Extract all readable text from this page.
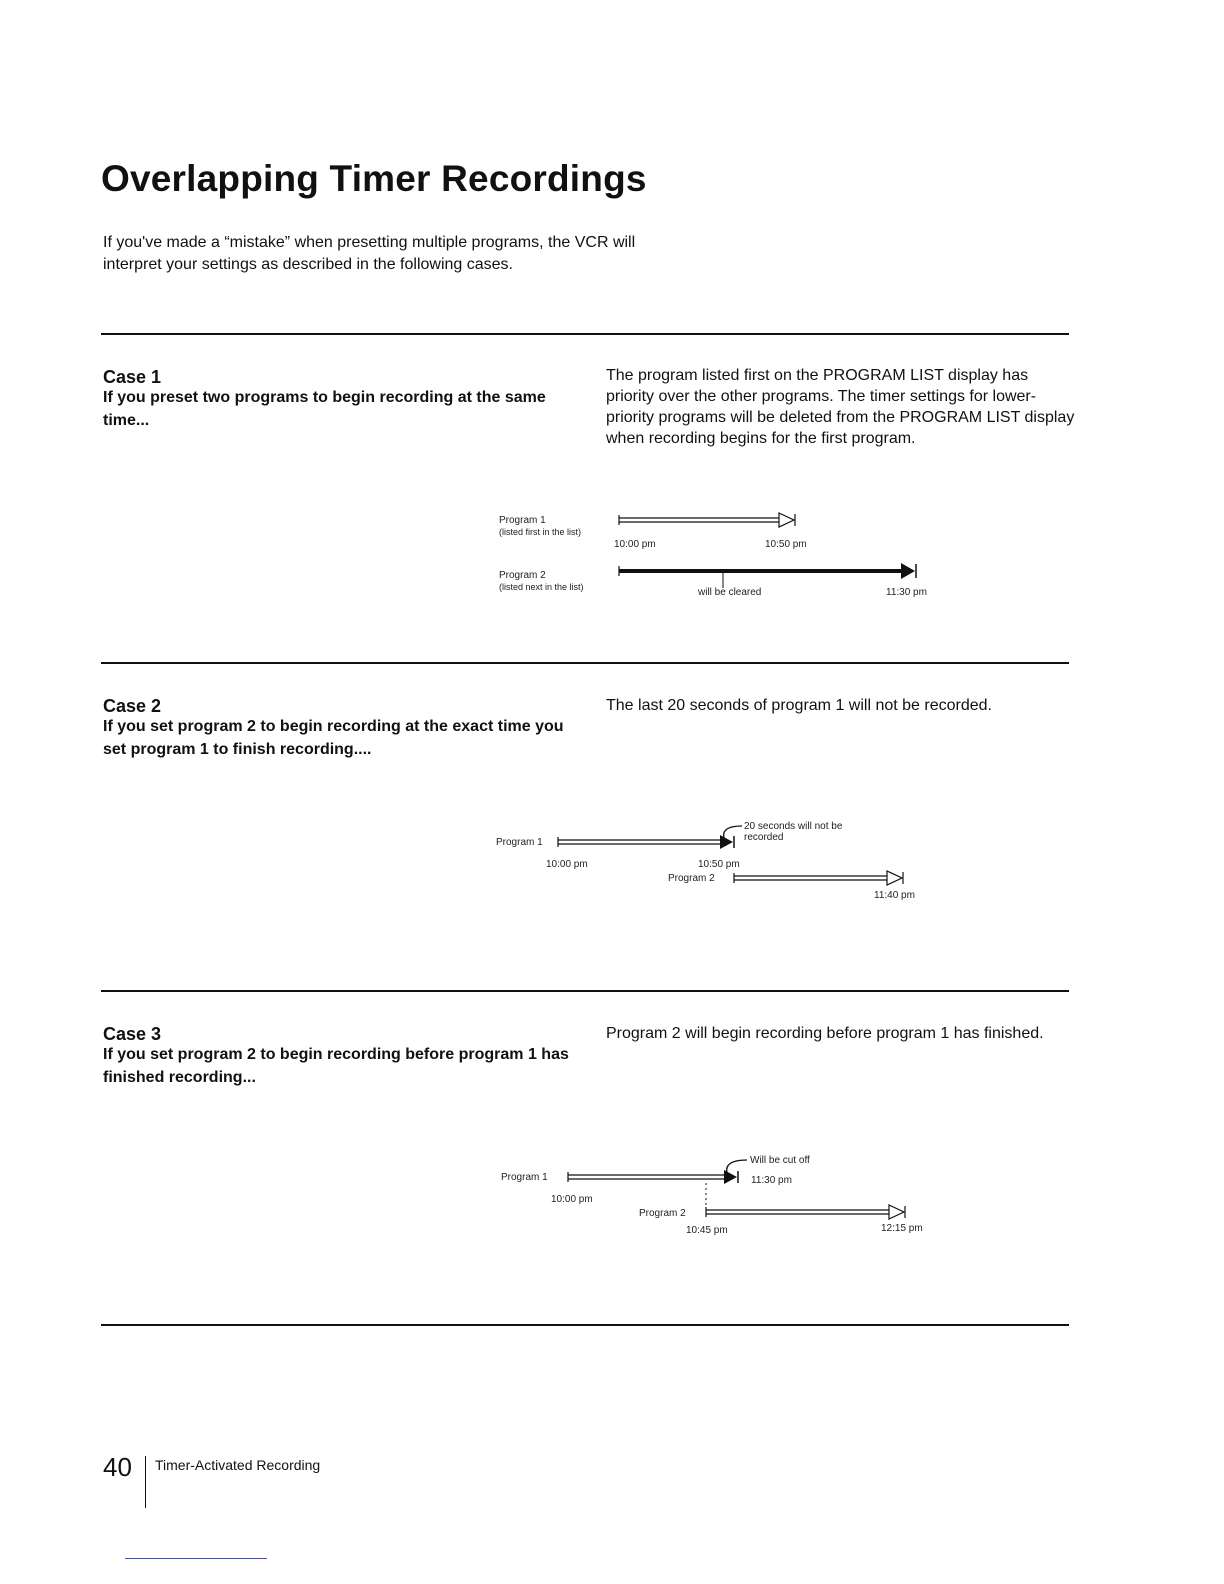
Overlapping Timer Recordings
If you've made a “mistake” when presetting multiple programs, the VCR will interpret your settings as described in the following cases.
Case 1
If you preset two programs to begin recording at the same time...
The program listed first on the PROGRAM LIST display has priority over the other programs. The timer settings for lower-priority programs will be deleted from the PROGRAM LIST display when recording begins for the first program.
Program 1
(listed first in the list)
10:00 pm	10:50 pm
Program 2
(listed next in the list)	will be cleared	11:30 pm
Case 2
If you set program 2 to begin recording at the exact time you set program 1 to finish recording....
The last 20 seconds of program 1 will not be recorded.
Program 1
10:00 pm
20 seconds will not be recorded
10:50 pm
Program 2
11:40 pm
Case 3
If you set program 2 to begin recording before program 1 has finished recording...
Program 2 will begin recording before program 1 has finished.
Program 1
10:00 pm
Will be cut off
11:30 pm
Program 2
10:45 pm	12:15 pm
40 Timer-Activated Recording
